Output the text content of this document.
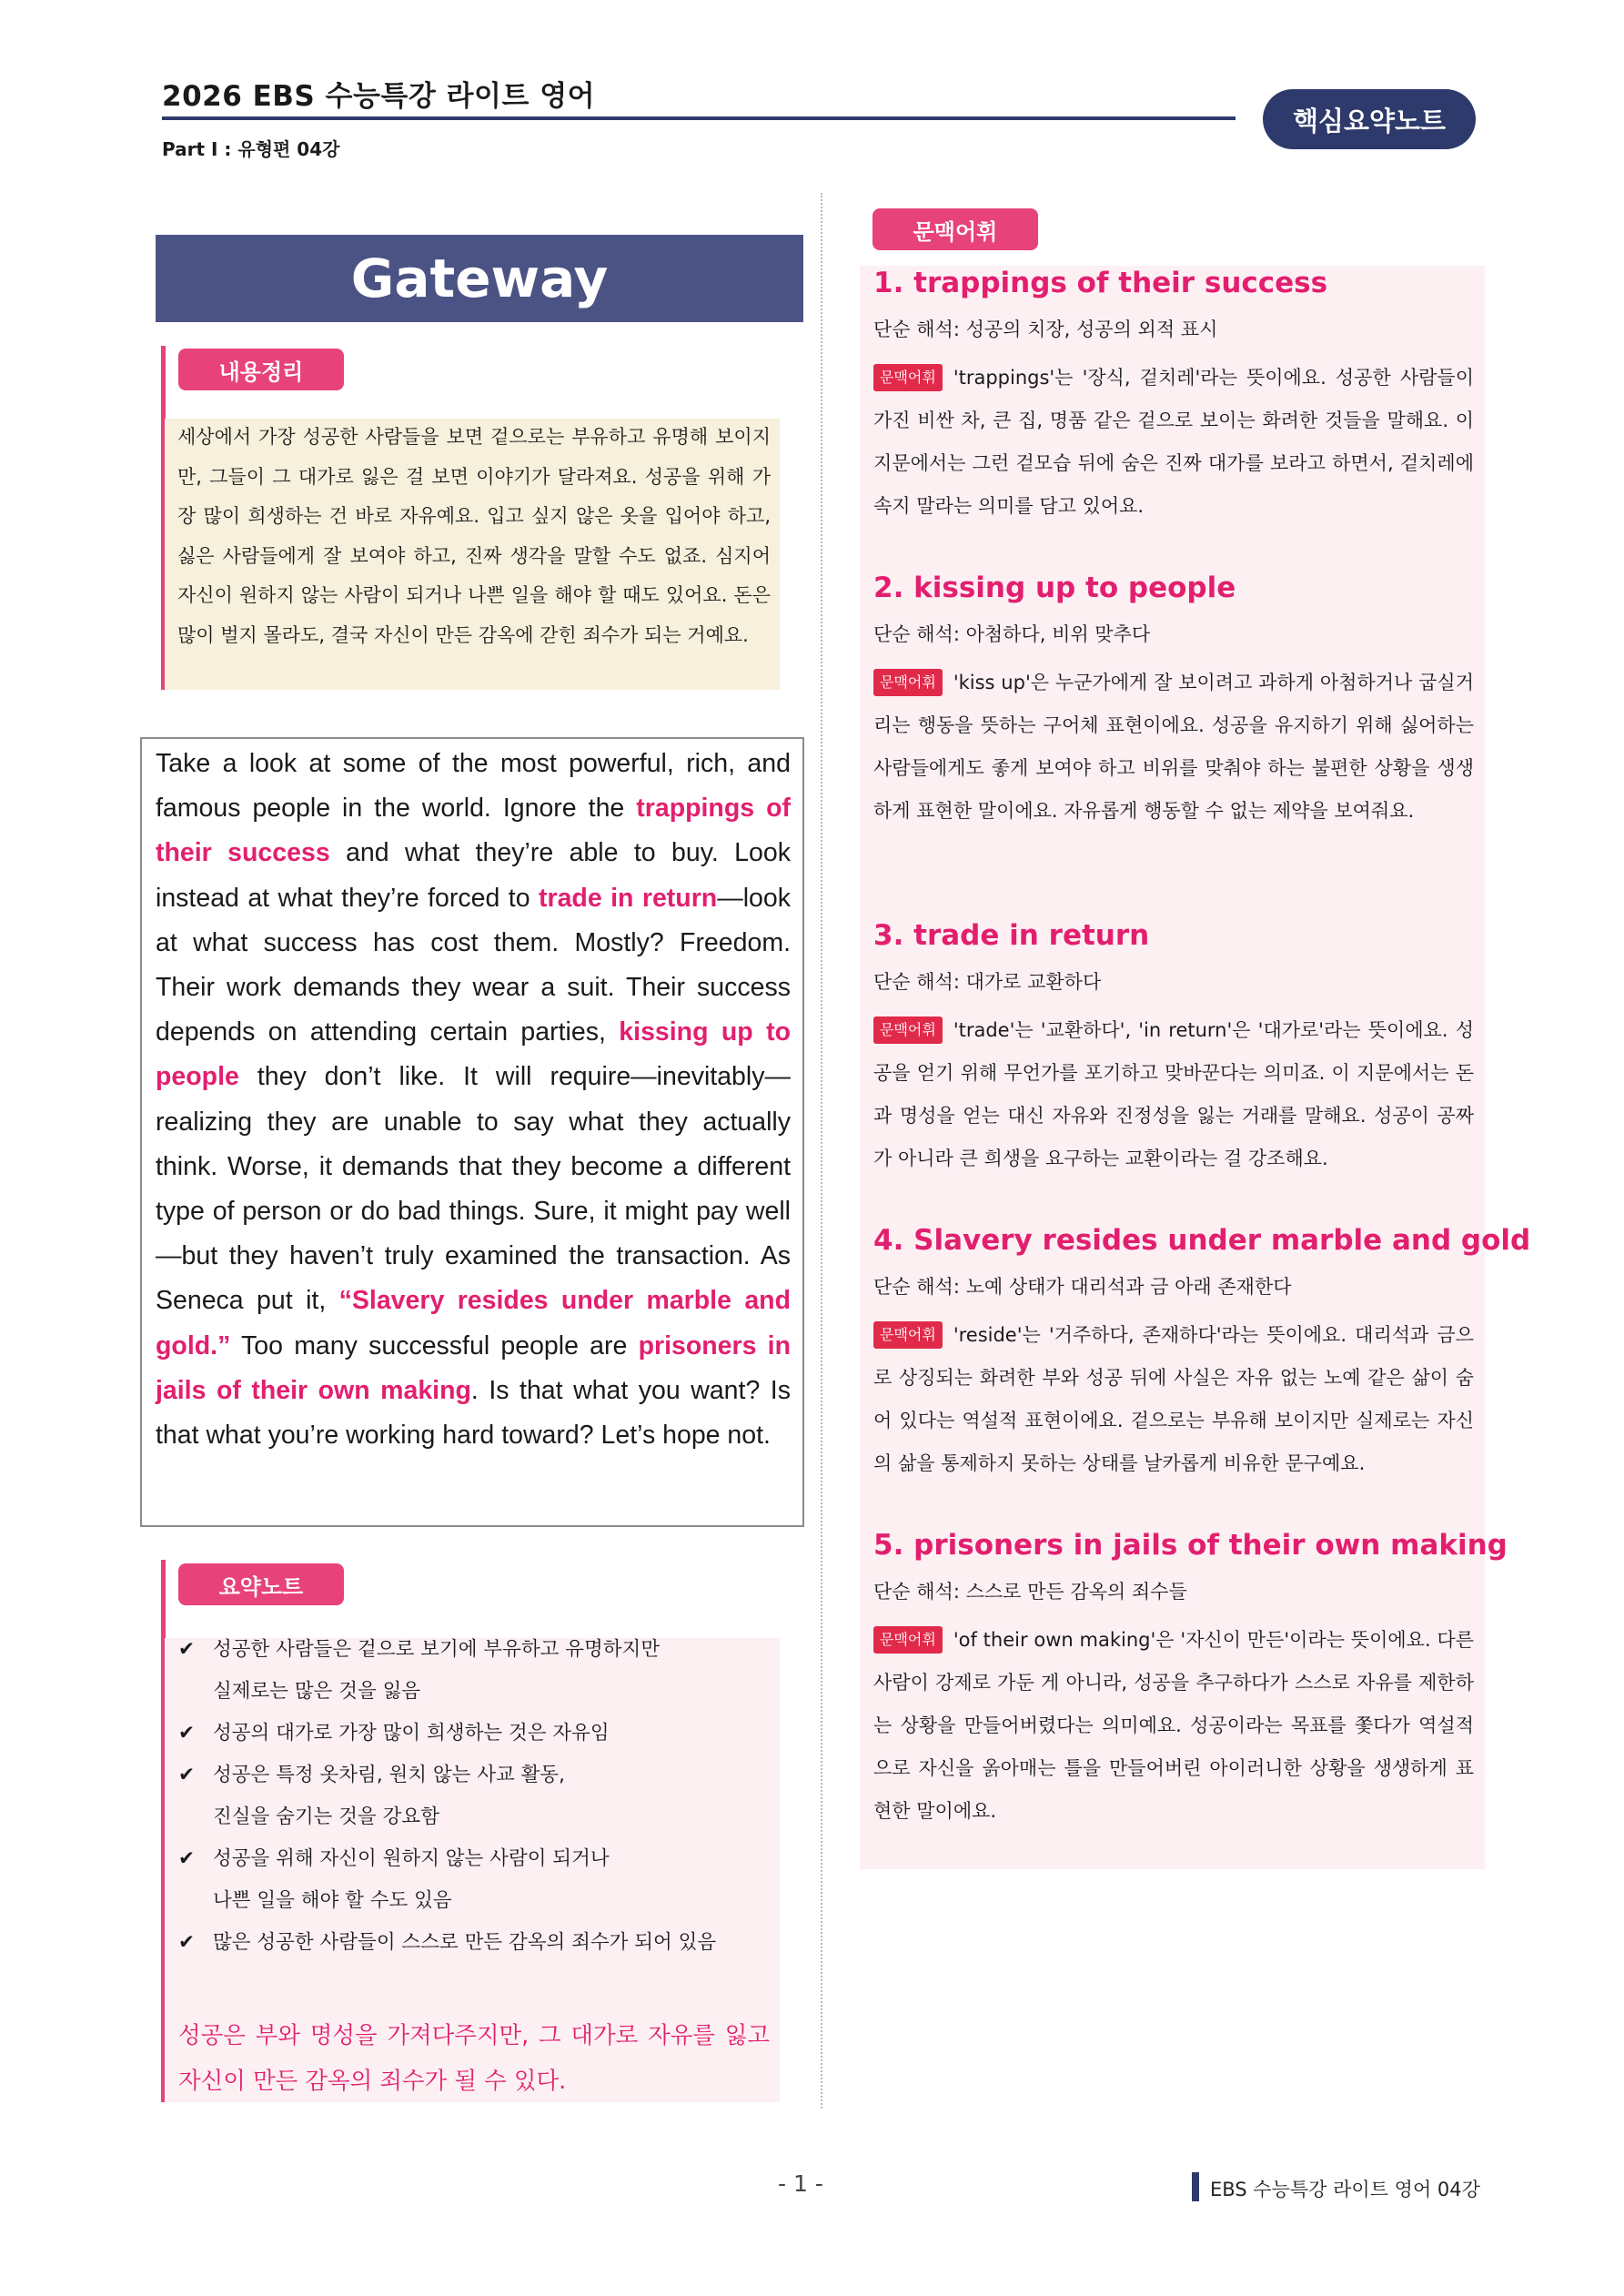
2026 EBS 수능특강 라이트 영어
Part Ⅰ : 유형편 04강
핵심요약노트
Gateway
내용정리
세상에서 가장 성공한 사람들을 보면 겉으로는 부유하고 유명해 보이지만, 그들이 그 대가로 잃은 걸 보면 이야기가 달라져요. 성공을 위해 가장 많이 희생하는 건 바로 자유예요. 입고 싶지 않은 옷을 입어야 하고, 싫은 사람들에게 잘 보여야 하고, 진짜 생각을 말할 수도 없죠. 심지어 자신이 원하지 않는 사람이 되거나 나쁜 일을 해야 할 때도 있어요. 돈은 많이 벌지 몰라도, 결국 자신이 만든 감옥에 갇힌 죄수가 되는 거예요.
Take a look at some of the most powerful, rich, and famous people in the world. Ignore the trappings of their success and what they’re able to buy. Look instead at what they’re forced to trade in return—look at what success has cost them. Mostly? Freedom. Their work demands they wear a suit. Their success depends on attending certain parties, kissing up to people they don’t like. It will require—inevitably—realizing they are unable to say what they actually think. Worse, it demands that they become a different type of person or do bad things. Sure, it might pay well—but they haven’t truly examined the transaction. As Seneca put it, “Slavery resides under marble and gold.” Too many successful people are prisoners in jails of their own making. Is that what you want? Is that what you’re working hard toward? Let’s hope not.
요약노트
✔ 성공한 사람들은 겉으로 보기에 부유하고 유명하지만
실제로는 많은 것을 잃음
✔ 성공의 대가로 가장 많이 희생하는 것은 자유임
✔ 성공은 특정 옷차림, 원치 않는 사교 활동,
진실을 숨기는 것을 강요함
✔ 성공을 위해 자신이 원하지 않는 사람이 되거나
나쁜 일을 해야 할 수도 있음
✔ 많은 성공한 사람들이 스스로 만든 감옥의 죄수가 되어 있음
성공은 부와 명성을 가져다주지만, 그 대가로 자유를 잃고 자신이 만든 감옥의 죄수가 될 수 있다.
문맥어휘
1. trappings of their success
단순 해석: 성공의 치장, 성공의 외적 표시
문맥어휘 'trappings'는 '장식, 겉치레'라는 뜻이에요. 성공한 사람들이 가진 비싼 차, 큰 집, 명품 같은 겉으로 보이는 화려한 것들을 말해요. 이 지문에서는 그런 겉모습 뒤에 숨은 진짜 대가를 보라고 하면서, 겉치레에 속지 말라는 의미를 담고 있어요.
2. kissing up to people
단순 해석: 아첨하다, 비위 맞추다
문맥어휘 'kiss up'은 누군가에게 잘 보이려고 과하게 아첨하거나 굽실거리는 행동을 뜻하는 구어체 표현이에요. 성공을 유지하기 위해 싫어하는 사람들에게도 좋게 보여야 하고 비위를 맞춰야 하는 불편한 상황을 생생하게 표현한 말이에요. 자유롭게 행동할 수 없는 제약을 보여줘요.
3. trade in return
단순 해석: 대가로 교환하다
문맥어휘 'trade'는 '교환하다', 'in return'은 '대가로'라는 뜻이에요. 성공을 얻기 위해 무언가를 포기하고 맞바꾼다는 의미죠. 이 지문에서는 돈과 명성을 얻는 대신 자유와 진정성을 잃는 거래를 말해요. 성공이 공짜가 아니라 큰 희생을 요구하는 교환이라는 걸 강조해요.
4. Slavery resides under marble and gold
단순 해석: 노예 상태가 대리석과 금 아래 존재한다
문맥어휘 'reside'는 '거주하다, 존재하다'라는 뜻이에요. 대리석과 금으로 상징되는 화려한 부와 성공 뒤에 사실은 자유 없는 노예 같은 삶이 숨어 있다는 역설적 표현이에요. 겉으로는 부유해 보이지만 실제로는 자신의 삶을 통제하지 못하는 상태를 날카롭게 비유한 문구예요.
5. prisoners in jails of their own making
단순 해석: 스스로 만든 감옥의 죄수들
문맥어휘 'of their own making'은 '자신이 만든'이라는 뜻이에요. 다른 사람이 강제로 가둔 게 아니라, 성공을 추구하다가 스스로 자유를 제한하는 상황을 만들어버렸다는 의미예요. 성공이라는 목표를 쫓다가 역설적으로 자신을 옭아매는 틀을 만들어버린 아이러니한 상황을 생생하게 표현한 말이에요.
- 1 -	EBS 수능특강 라이트 영어 04강
